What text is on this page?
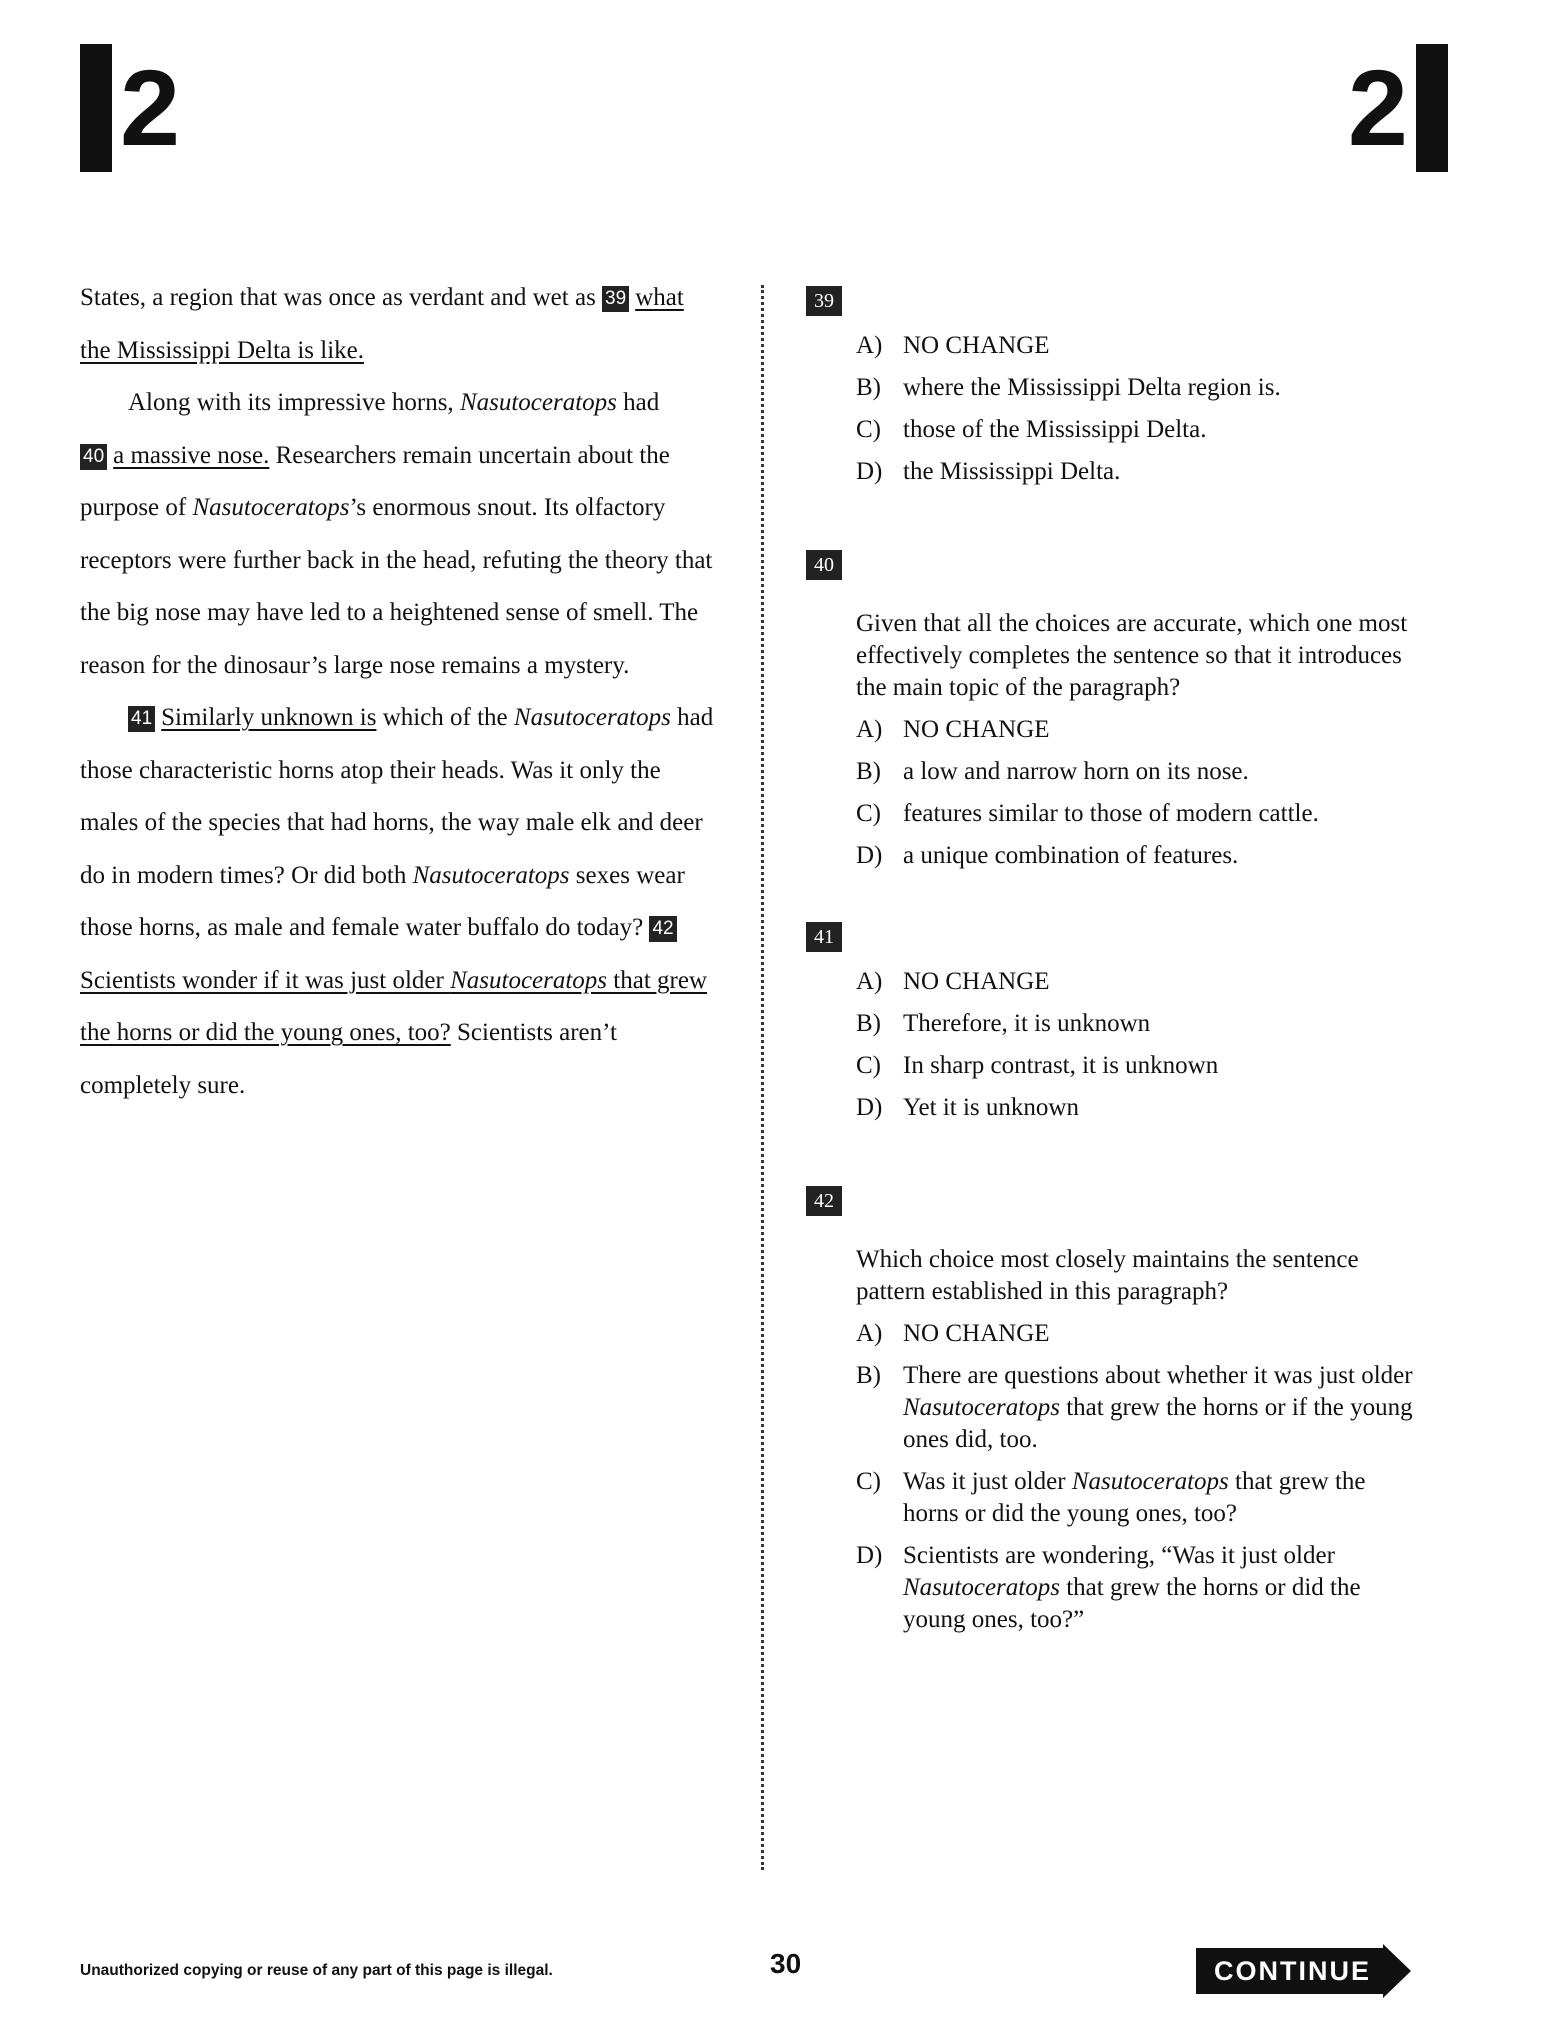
2	2

States, a region that was once as verdant and wet as 39 what the Mississippi Delta is like.

Along with its impressive horns, Nasutoceratops had
40 a massive nose. Researchers remain uncertain about the purpose of Nasutoceratops’s enormous snout. Its olfactory receptors were further back in the head, refuting the theory that the big nose may have led to a heightened sense of smell. The reason for the dinosaur’s large nose remains a mystery.

41 Similarly unknown is which of the Nasutoceratops had those characteristic horns atop their heads. Was it only the males of the species that had horns, the way male elk and deer do in modern times? Or did both Nasutoceratops sexes wear those horns, as male and female water buffalo do today? 42Scientists wonder if it was just older Nasutoceratops that grew the horns or did the young ones, too? Scientists aren’t completely sure.

39
A) NO CHANGE
B) where the Mississippi Delta region is.
C) those of the Mississippi Delta.
D) the Mississippi Delta.
40
Given that all the choices are accurate, which one most effectively completes the sentence so that it introduces the main topic of the paragraph?
A) NO CHANGE
B) a low and narrow horn on its nose.
C) features similar to those of modern cattle.
D) a unique combination of features.
41
A) NO CHANGE
B) Therefore, it is unknown
C) In sharp contrast, it is unknown
D) Yet it is unknown
42
Which choice most closely maintains the sentence pattern established in this paragraph?
A) NO CHANGE
B) There are questions about whether it was just older Nasutoceratops that grew the horns or if the young ones did, too.
C) Was it just older Nasutoceratops that grew the horns or did the young ones, too?
D) Scientists are wondering, “Was it just older
Nasutoceratops that grew the horns or did the young ones, too?”
Unauthorized copying or reuse of any part of this page is illegal.	30	CONTINUE
